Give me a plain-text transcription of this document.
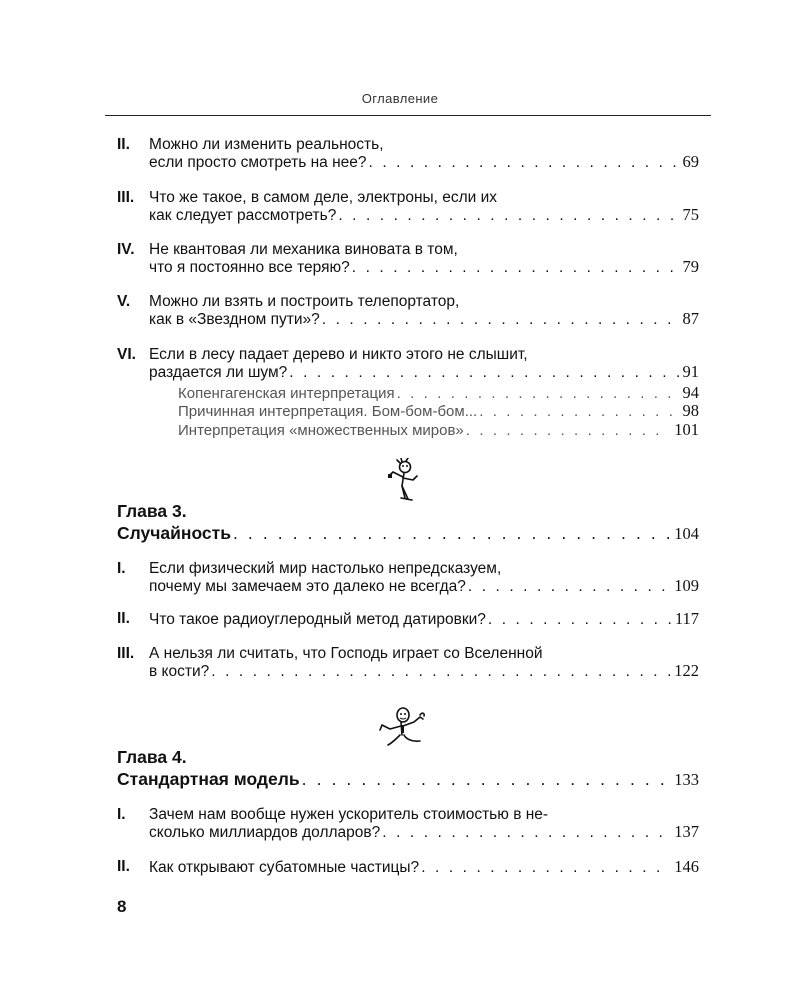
Оглавление
II. Можно ли изменить реальность,
если просто смотреть на нее? . . .	69
III. Что же такое, в самом деле, электроны, если их
как следует рассмотреть? . . .	75
IV. Не квантовая ли механика виновата в том,
что я постоянно все теряю? . . .	79
V. Можно ли взять и построить телепортатор,
как в «Звездном пути»? . . .	87
VI. Если в лесу падает дерево и никто этого не слышит,
раздается ли шум? . . .	91
Копенгагенская интерпретация . . .	94
Причинная интерпретация. Бом-бом-бом... . . .	98
Интерпретация «множественных миров» . . .	101
Глава 3.
Случайность . . .	104
I. Если физический мир настолько непредсказуем,
почему мы замечаем это далеко не всегда? . . .	109
II. Что такое радиоуглеродный метод датировки? . . .	117
III. А нельзя ли считать, что Господь играет со Вселенной
в кости? . . .	122
Глава 4.
Стандартная модель . . .	133
I. Зачем нам вообще нужен ускоритель стоимостью в не-
сколько миллиардов долларов? . . .	137
II. Как открывают субатомные частицы? . . .	146
8
